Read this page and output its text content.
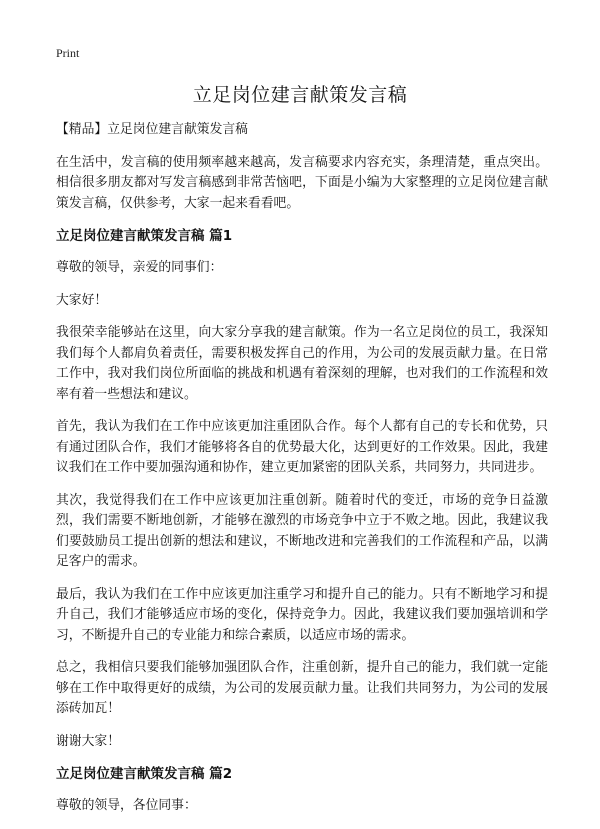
Print
立足岗位建言献策发言稿

【精品】立足岗位建言献策发言稿

在生活中，发言稿的使用频率越来越高，发言稿要求内容充实，条理清楚，重点突出。相信很多朋友都对写发言稿感到非常苦恼吧，下面是小编为大家整理的立足岗位建言献策发言稿，仅供参考，大家一起来看看吧。

立足岗位建言献策发言稿 篇1

尊敬的领导，亲爱的同事们：

大家好！

我很荣幸能够站在这里，向大家分享我的建言献策。作为一名立足岗位的员工，我深知我们每个人都肩负着责任，需要积极发挥自己的作用，为公司的发展贡献力量。在日常工作中，我对我们岗位所面临的挑战和机遇有着深刻的理解，也对我们的工作流程和效率有着一些想法和建议。

首先，我认为我们在工作中应该更加注重团队合作。每个人都有自己的专长和优势，只有通过团队合作，我们才能够将各自的优势最大化，达到更好的工作效果。因此，我建议我们在工作中要加强沟通和协作，建立更加紧密的团队关系，共同努力，共同进步。

其次，我觉得我们在工作中应该更加注重创新。随着时代的变迁，市场的竞争日益激烈，我们需要不断地创新，才能够在激烈的市场竞争中立于不败之地。因此，我建议我们要鼓励员工提出创新的想法和建议，不断地改进和完善我们的工作流程和产品，以满足客户的需求。

最后，我认为我们在工作中应该更加注重学习和提升自己的能力。只有不断地学习和提升自己，我们才能够适应市场的变化，保持竞争力。因此，我建议我们要加强培训和学习，不断提升自己的专业能力和综合素质，以适应市场的需求。

总之，我相信只要我们能够加强团队合作，注重创新，提升自己的能力，我们就一定能够在工作中取得更好的成绩，为公司的发展贡献力量。让我们共同努力，为公司的发展添砖加瓦！

谢谢大家！

立足岗位建言献策发言稿 篇2

尊敬的领导，各位同事：
